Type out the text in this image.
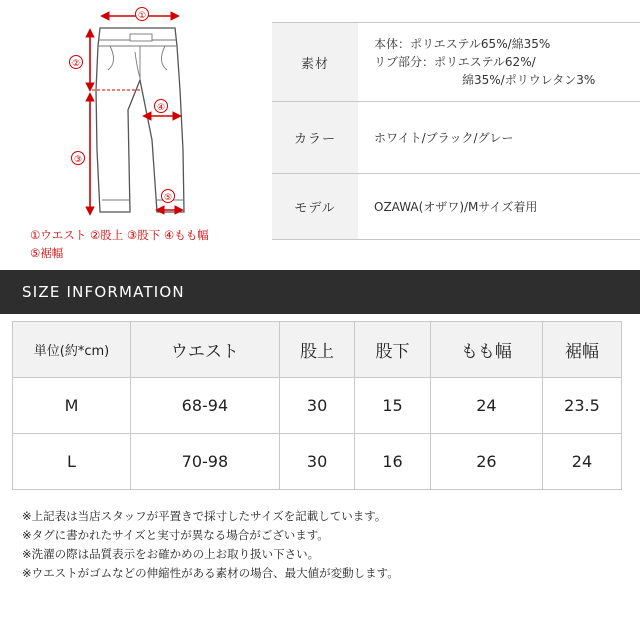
①
②
③
④
⑤
①ウエスト ②股上 ③股下 ④もも幅
⑤裾幅
素材	本体：ポリエステル65%/綿35%
リブ部分：ポリエステル62%/
綿35%/ポリウレタン3%

カラー	ホワイト/ブラック/グレー
モデル	OZAWA(オザワ)/Mサイズ着用
SIZE INFORMATION
単位(約*cm)	ウエスト	股上	股下	もも幅	裾幅
M	68-94	30	15	24	23.5
L	70-98	30	16	26	24
※上記表は当店スタッフが平置きで採寸したサイズを記載しています。
※タグに書かれたサイズと実寸が異なる場合がございます。
※洗濯の際は品質表示をお確かめの上お取り扱い下さい。
※ウエストがゴムなどの伸縮性がある素材の場合、最大値が変動します。
